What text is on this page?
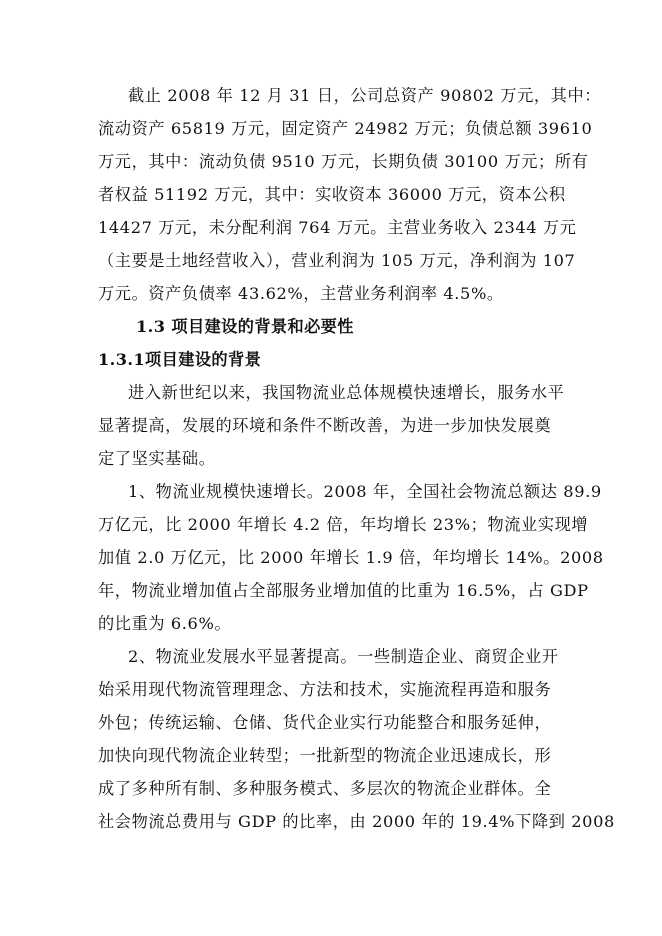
截止 2008 年 12 月 31 日，公司总资产 90802 万元，其中：
流动资产 65819 万元，固定资产 24982 万元；负债总额 39610
万元，其中：流动负债 9510 万元，长期负债 30100 万元；所有
者权益 51192 万元，其中：实收资本 36000 万元，资本公积
14427 万元，未分配利润 764 万元。主营业务收入 2344 万元
（主要是土地经营收入），营业利润为 105 万元，净利润为 107
万元。资产负债率 43.62%，主营业务利润率 4.5%。
1.3 项目建设的背景和必要性
1.3.1项目建设的背景
进入新世纪以来，我国物流业总体规模快速增长，服务水平
显著提高，发展的环境和条件不断改善，为进一步加快发展奠
定了坚实基础。
1、物流业规模快速增长。2008 年，全国社会物流总额达 89.9
万亿元，比 2000 年增长 4.2 倍，年均增长 23%；物流业实现增
加值 2.0 万亿元，比 2000 年增长 1.9 倍，年均增长 14%。2008
年，物流业增加值占全部服务业增加值的比重为 16.5%，占 GDP
的比重为 6.6%。
2、物流业发展水平显著提高。一些制造企业、商贸企业开
始采用现代物流管理理念、方法和技术，实施流程再造和服务
外包；传统运输、仓储、货代企业实行功能整合和服务延伸，
加快向现代物流企业转型；一批新型的物流企业迅速成长，形
成了多种所有制、多种服务模式、多层次的物流企业群体。全
社会物流总费用与 GDP 的比率，由 2000 年的 19.4%下降到 2008
